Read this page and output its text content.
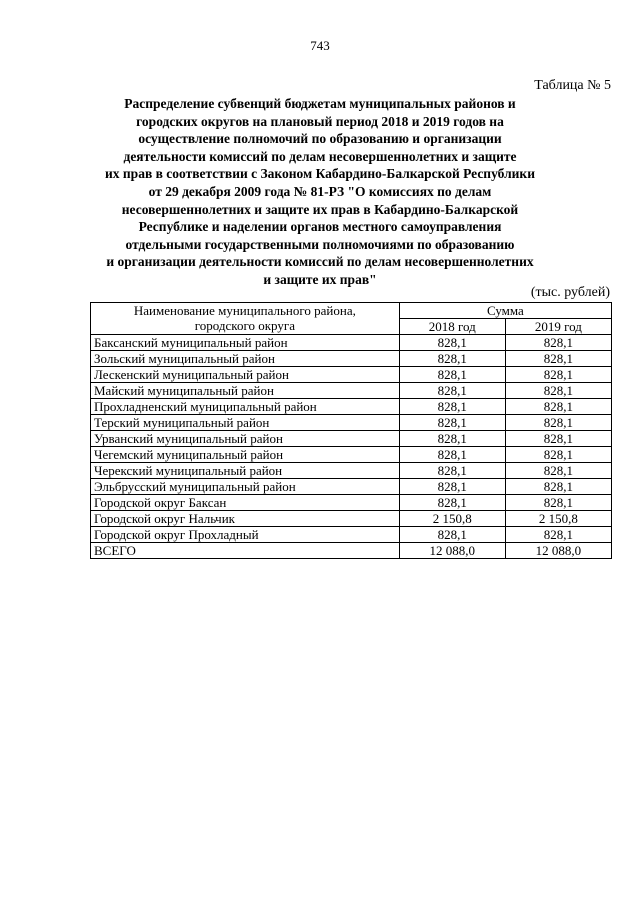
743
Таблица № 5
Распределение субвенций бюджетам муниципальных районов и
городских округов на плановый период 2018 и 2019 годов на
осуществление полномочий по образованию и организации
деятельности комиссий по делам несовершеннолетних и защите
их прав в соответствии с Законом Кабардино-Балкарской Республики
от 29 декабря 2009 года № 81-РЗ "О комиссиях по делам
несовершеннолетних и защите их прав в Кабардино-Балкарской
Республике и наделении органов местного самоуправления
отдельными государственными полномочиями по образованию
и организации деятельности комиссий по делам несовершеннолетних
и защите их прав"
(тыс. рублей)
Наименование муниципального района,
городского округа	Сумма	
	2018 год	2019 год
Баксанский муниципальный район	828,1	828,1
Зольский муниципальный район	828,1	828,1
Лескенский муниципальный район	828,1	828,1
Майский муниципальный район	828,1	828,1
Прохладненский муниципальный район	828,1	828,1
Терский муниципальный район	828,1	828,1
Урванский муниципальный район	828,1	828,1
Чегемский муниципальный район	828,1	828,1
Черекский муниципальный район	828,1	828,1
Эльбрусский муниципальный район	828,1	828,1
Городской округ Баксан	828,1	828,1
Городской округ Нальчик	2 150,8	2 150,8
Городской округ Прохладный	828,1	828,1
ВСЕГО	12 088,0	12 088,0
